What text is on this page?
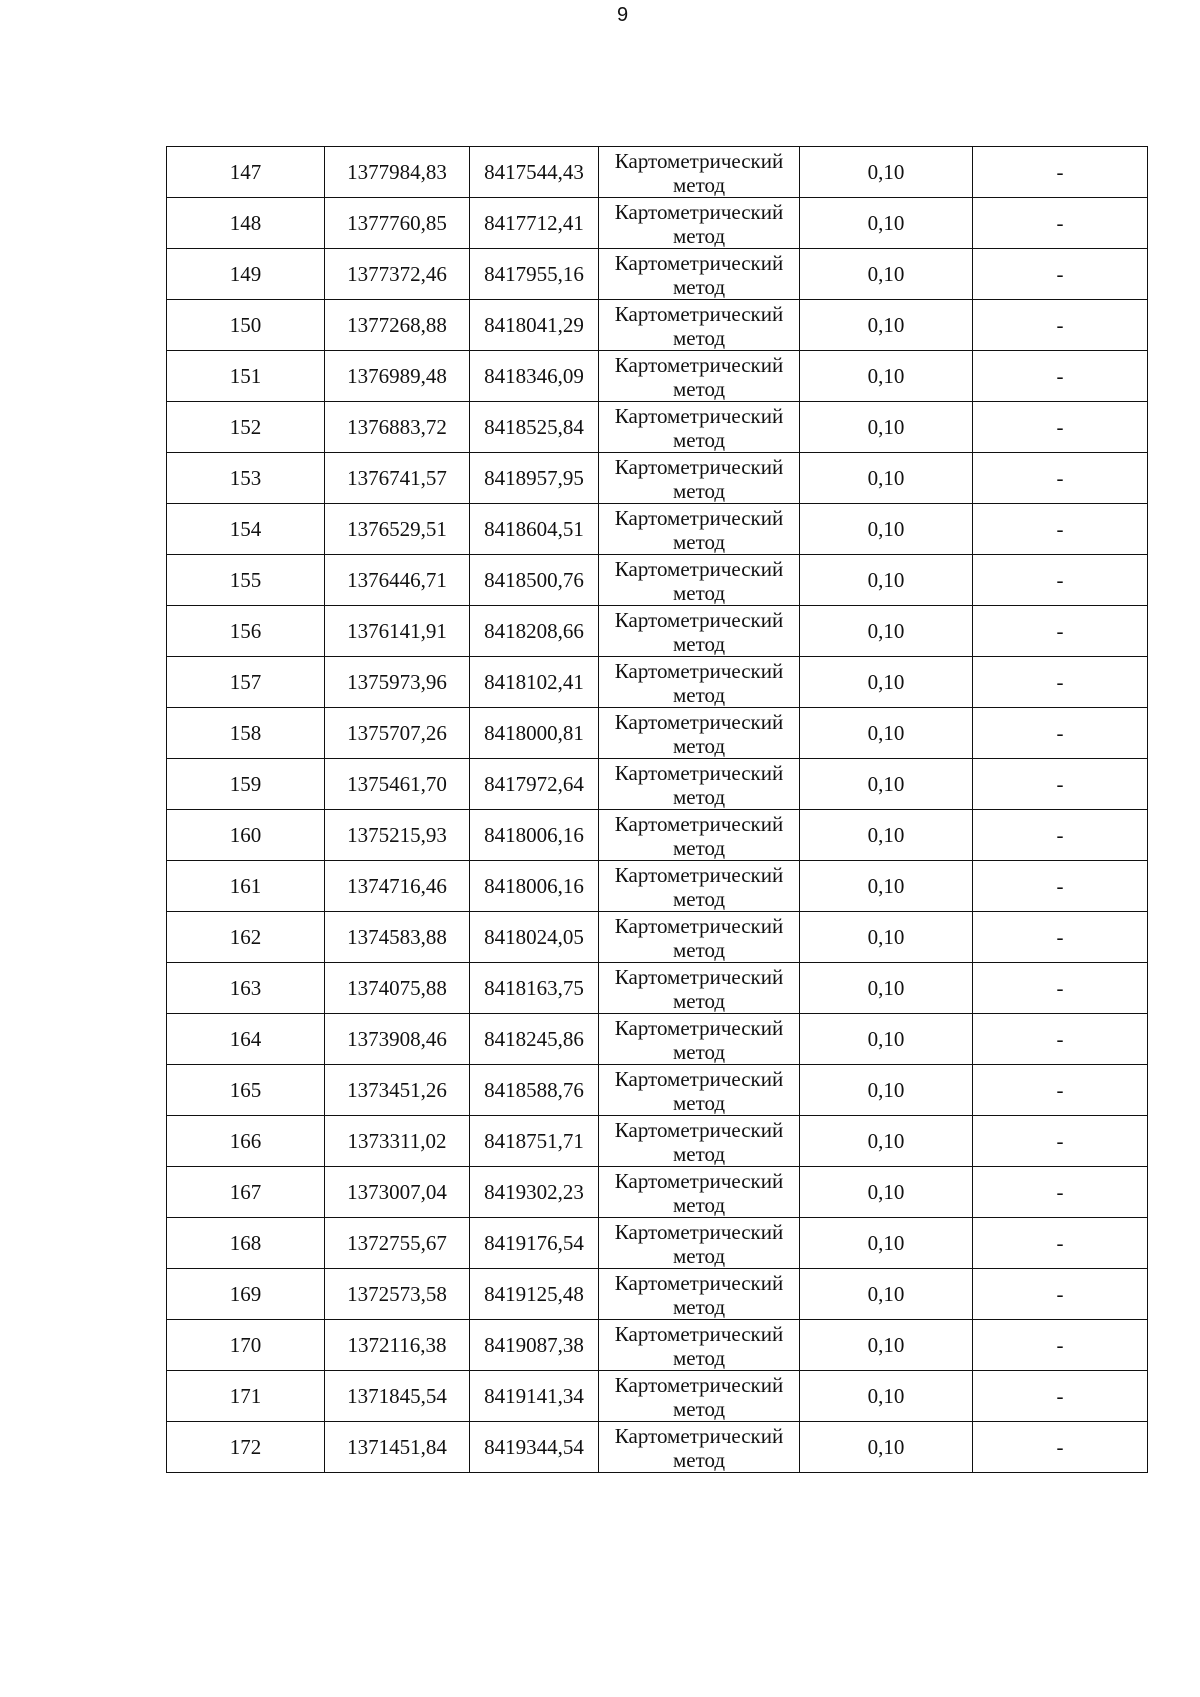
9
147	1377984,83	8417544,43	Картометрический
метод	0,10	-
148	1377760,85	8417712,41	Картометрический
метод	0,10	-
149	1377372,46	8417955,16	Картометрический
метод	0,10	-
150	1377268,88	8418041,29	Картометрический
метод	0,10	-
151	1376989,48	8418346,09	Картометрический
метод	0,10	-
152	1376883,72	8418525,84	Картометрический
метод	0,10	-
153	1376741,57	8418957,95	Картометрический
метод	0,10	-
154	1376529,51	8418604,51	Картометрический
метод	0,10	-
155	1376446,71	8418500,76	Картометрический
метод	0,10	-
156	1376141,91	8418208,66	Картометрический
метод	0,10	-
157	1375973,96	8418102,41	Картометрический
метод	0,10	-
158	1375707,26	8418000,81	Картометрический
метод	0,10	-
159	1375461,70	8417972,64	Картометрический
метод	0,10	-
160	1375215,93	8418006,16	Картометрический
метод	0,10	-
161	1374716,46	8418006,16	Картометрический
метод	0,10	-
162	1374583,88	8418024,05	Картометрический
метод	0,10	-
163	1374075,88	8418163,75	Картометрический
метод	0,10	-
164	1373908,46	8418245,86	Картометрический
метод	0,10	-
165	1373451,26	8418588,76	Картометрический
метод	0,10	-
166	1373311,02	8418751,71	Картометрический
метод	0,10	-
167	1373007,04	8419302,23	Картометрический
метод	0,10	-
168	1372755,67	8419176,54	Картометрический
метод	0,10	-
169	1372573,58	8419125,48	Картометрический
метод	0,10	-
170	1372116,38	8419087,38	Картометрический
метод	0,10	-
171	1371845,54	8419141,34	Картометрический
метод	0,10	-
172	1371451,84	8419344,54	Картометрический
метод	0,10	-
